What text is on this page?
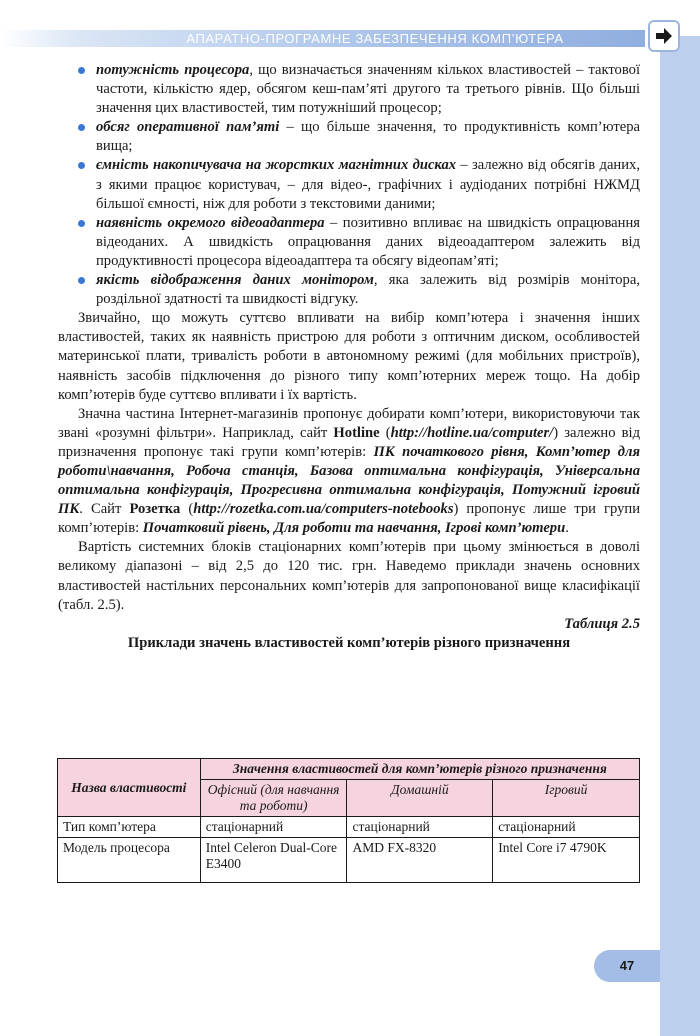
АПАРАТНО-ПРОГРАМНЕ ЗАБЕЗПЕЧЕННЯ КОМП’ЮТЕРА

потужність процесора, що визначається значенням кількох властивостей – тактової частоти, кількістю ядер, обсягом кеш-пам’яті другого та третього рівнів. Що більші значення цих властивостей, тим потужніший процесор;

обсяг оперативної пам’яті – що більше значення, то продуктивність комп’ютера вища;

ємність накопичувача на жорстких магнітних дисках – залежно від обсягів даних, з якими працює користувач, – для відео-, графічних і аудіоданих потрібні НЖМД більшої ємності, ніж для роботи з текстовими даними;

наявність окремого відеоадаптера – позитивно впливає на швидкість опрацювання відеоданих. А швидкість опрацювання даних відеоадаптером залежить від продуктивності процесора відеоадаптера та обсягу відеопам’яті;

якість відображення даних монітором, яка залежить від розмірів монітора, роздільної здатності та швидкості відгуку.

Звичайно, що можуть суттєво впливати на вибір комп’ютера і значення інших властивостей, таких як наявність пристрою для роботи з оптичним диском, особливостей материнської плати, тривалість роботи в автономному режимі (для мобільних пристроїв), наявність засобів підключення до різного типу комп’ютерних мереж тощо. На добір комп’ютерів буде суттєво впливати і їх вартість.

Значна частина Інтернет-магазинів пропонує добирати комп’ютери, використовуючи так звані «розумні фільтри». Наприклад, сайт Hotline (http://hotline.ua/computer/) залежно від призначення пропонує такі групи комп’ютерів: ПК початкового рівня, Комп’ютер для роботи\навчання, Робоча станція, Базова оптимальна конфігурація, Універсальна оптимальна конфігурація, Прогресивна оптимальна конфігурація, Потужний ігровий ПК. Сайт Розетка (http://rozetka.com.ua/computers-notebooks) пропонує лише три групи комп’ютерів: Початковий рівень, Для роботи та навчання, Ігрові комп’ютери.

Вартість системних блоків стаціонарних комп’ютерів при цьому змінюється в доволі великому діапазоні – від 2,5 до 120 тис. грн. Наведемо приклади значень основних властивостей настільних персональних комп’ютерів для запропонованої вище класифікації (табл. 2.5).

Таблиця 2.5

Приклади значень властивостей комп’ютерів різного призначення

Назва властивості	Значення властивостей для комп’ютерів різного призначення		
	Офісний (для навчання та роботи)	Домашній	Ігровий
Тип комп’ютера	стаціонарний	стаціонарний	стаціонарний
Модель процесора	Intel Celeron Dual-Core E3400	AMD FX-8320	Intel Core i7 4790K
47
